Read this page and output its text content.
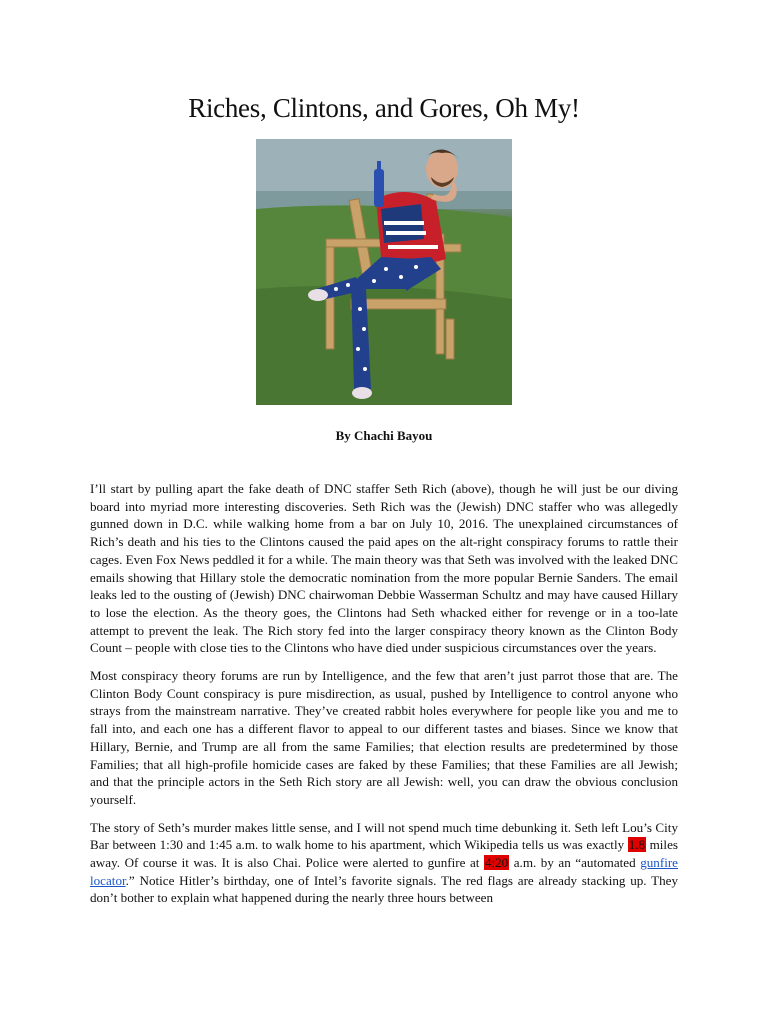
Riches, Clintons, and Gores, Oh My!
By Chachi Bayou

I’ll start by pulling apart the fake death of DNC staffer Seth Rich (above), though he will just be our diving board into myriad more interesting discoveries. Seth Rich was the (Jewish) DNC staffer who was allegedly gunned down in D.C. while walking home from a bar on July 10, 2016. The unexplained circumstances of Rich’s death and his ties to the Clintons caused the paid apes on the alt-right conspiracy forums to rattle their cages. Even Fox News peddled it for a while. The main theory was that Seth was involved with the leaked DNC emails showing that Hillary stole the democratic nomination from the more popular Bernie Sanders. The email leaks led to the ousting of (Jewish) DNC chairwoman Debbie Wasserman Schultz and may have caused Hillary to lose the election. As the theory goes, the Clintons had Seth whacked either for revenge or in a too-late attempt to prevent the leak. The Rich story fed into the larger conspiracy theory known as the Clinton Body Count – people with close ties to the Clintons who have died under suspicious circumstances over the years.

Most conspiracy theory forums are run by Intelligence, and the few that aren’t just parrot those that are. The Clinton Body Count conspiracy is pure misdirection, as usual, pushed by Intelligence to control anyone who strays from the mainstream narrative. They’ve created rabbit holes everywhere for people like you and me to fall into, and each one has a different flavor to appeal to our different tastes and biases. Since we know that Hillary, Bernie, and Trump are all from the same Families; that election results are predetermined by those Families; that all high-profile homicide cases are faked by these Families; that these Families are all Jewish; and that the principle actors in the Seth Rich story are all Jewish: well, you can draw the obvious conclusion yourself.

The story of Seth’s murder makes little sense, and I will not spend much time debunking it. Seth left Lou’s City Bar between 1:30 and 1:45 a.m. to walk home to his apartment, which Wikipedia tells us was exactly 1.8 miles away. Of course it was. It is also Chai. Police were alerted to gunfire at 4:20 a.m. by an “automated gunfire locator.” Notice Hitler’s birthday, one of Intel’s favorite signals. The red flags are already stacking up. They don’t bother to explain what happened during the nearly three hours between
